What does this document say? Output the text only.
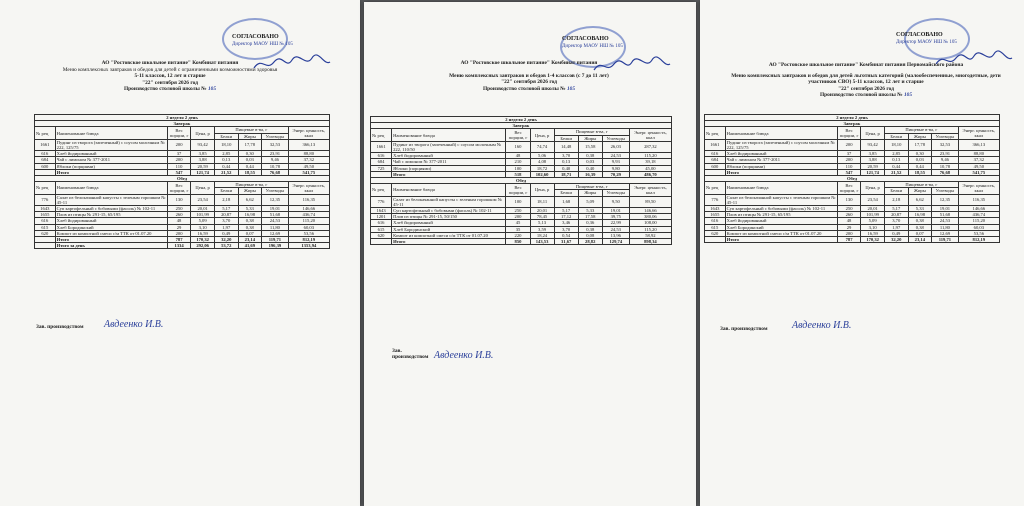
СОГЛАСОВАНО
Директор МАОУ НШ № 105
АО "Ростовское школьное питание" Комбинат питания
Меню комплексных завтраков и обедов для детей с ограниченными возможностями здоровья
5-11 классов, 12 лет и старше
"22" сентября 2026 год
Производство столовой школы № 105
2 неделя 2 день							
Завтрак							
№ рец	Наименование блюда	Вес порции, г	Цена, р	Пищевые в-ва, г			Энерг. ценность, ккал
				Белки	Жиры	Углеводы	
1661	Пудинг из творога (запеченный) с соусом молочным № 222, 125/75	200	93,42	18,10	17,78	32,53	366,13
616	Хлеб йодированный	37	3,85	2,85	0,30	23,91	88,80
684	Чай с лимоном № 377-2011	200	3,88	0,13	0,03	9,46	37,32
600	Яблоки (порциями)	110	20,59	0,44	0,44	10,78	49,50
	Итого	547	121,74	21,52	18,55	76,68	541,75
Обед							
№ рец	Наименование блюда	Вес порции, г	Цена, р	Пищевые в-ва, г			Энерг. ценность, ккал
				Белки	Жиры	Углеводы	
776	Салат из белокачанной капусты с зеленым горошком № 45-11	130	23,54	2,18	6,62	12,35	116,35
1643	Суп картофельный с бобовыми (фасоль) № 102-11	250	20,01	5,17	5,33	19,01	146,66
1655	Плов из птицы № 291-15, 65/195	260	101,99	20,87	16,98	51,68	436,74
616	Хлеб йодированный	48	5,09	3,70	0,38	24,53	115,20
615	Хлеб Бородинский	29	3,10	1,97	0,38	11,80	60,03
620	Компот из компотной смеси с/м ТТК от 01.07.20	200	16,59	0,49	0,07	12,69	53,56
	Итого	787	170,32	32,20	23,14	119,71	812,19
	Итого за день	1334	292,06	53,72	41,69	196,39	1353,94
Зав. производством Авдеенко И.В.
СОГЛАСОВАНО
Директор МАОУ НШ № 105
АО "Ростовское школьное питание" Комбинат питания
Меню комплексных завтраков и обедов 1-4 классов (с 7 до 11 лет)
"22" сентября 2026 год
Производство столовой школы № 105
2 неделя 2 день							
Завтрак							
№ рец	Наименование блюда	Вес порции, г	Цена, р	Пищевые в-ва, г			Энерг. ценность, ккал
				Белки	Жиры	Углеводы	
1661	Пудинг из творога (запеченный) с соусом молочным № 222, 110/50	160	74,74	14,48	15,58	26,03	287,32
616	Хлеб йодированный	48	5,06	3,70	0,38	24,53	115,20
684	Чай с лимоном № 377-2011	210	4,08	0,13	0,03	9,93	39,18
725	Яблоки (порциями)	100	18,72	0,40	0,40	9,80	45,00
	Итого	518	102,60	18,71	16,39	70,29	486,70
Обед							
№ рец	Наименование блюда	Вес порции, г	Цена, р	Пищевые в-ва, г			Энерг. ценность, ккал
				Белки	Жиры	Углеводы	
776	Салат из белокачанной капусты с зеленым горошком № 45-11	100	18,11	1,68	5,09	9,50	89,50
1643	Суп картофельный с бобовыми (фасоль) № 102-11	250	20,01	5,17	5,33	19,01	146,66
1201	Плов из птицы № 291-15, 50/150	200	78,45	17,12	17,58	39,75	380,06
616	Хлеб йодированный	45	5,13	3,46	0,36	22,99	108,00
615	Хлеб Бородинский	35	3,59	3,70	0,38	24,53	115,20
620	Компот из компотной смеси с/м ТТК от 01.07.20	220	18,24	0,54	0,08	13,96	58,92
	Итого	850	143,53	31,67	28,82	129,74	898,34
Зав. производством Авдеенко И.В.
СОГЛАСОВАНО
Директор МАОУ НШ № 105
АО "Ростовское школьное питание" Комбинат питания Первомайского района
Меню комплексных завтраков и обедов для детей льготных категорий (малообеспеченные, многодетные, дети участников СВО) 5-11 классов, 12 лет и старше
"22" сентября 2026 год
Производство столовой школы № 105
2 неделя 2 день							
Завтрак							
№ рец	Наименование блюда	Вес порции, г	Цена, р	Пищевые в-ва, г			Энерг. ценность, ккал
				Белки	Жиры	Углеводы	
1661	Пудинг из творога (запеченный) с соусом молочным № 222, 125/75	200	93,42	18,10	17,78	32,53	366,13
616	Хлеб йодированный	37	3,85	2,85	0,30	23,91	88,80
684	Чай с лимоном № 377-2011	200	3,88	0,13	0,03	9,46	37,32
600	Яблоки (порциями)	110	20,59	0,44	0,44	10,78	49,50
	Итого	547	121,74	21,52	18,55	76,68	541,75
Обед							
№ рец	Наименование блюда	Вес порции, г	Цена, р	Пищевые в-ва, г			Энерг. ценность, ккал
				Белки	Жиры	Углеводы	
776	Салат из белокачанной капусты с зеленым горошком № 45-11	130	23,54	2,18	6,62	12,35	116,35
1643	Суп картофельный с бобовыми (фасоль) № 102-11	250	20,01	5,17	5,33	19,01	146,66
1655	Плов из птицы № 291-15, 65/195	260	101,99	20,87	16,98	51,68	436,74
616	Хлеб йодированный	48	5,09	3,70	0,38	24,53	115,20
615	Хлеб Бородинский	29	3,10	1,97	0,38	11,80	60,03
620	Компот из компотной смеси с/м ТТК от 01.07.20	200	16,59	0,49	0,07	12,69	53,56
	Итого	787	170,32	32,20	23,14	119,71	812,19
Зав. производством Авдеенко И.В.
